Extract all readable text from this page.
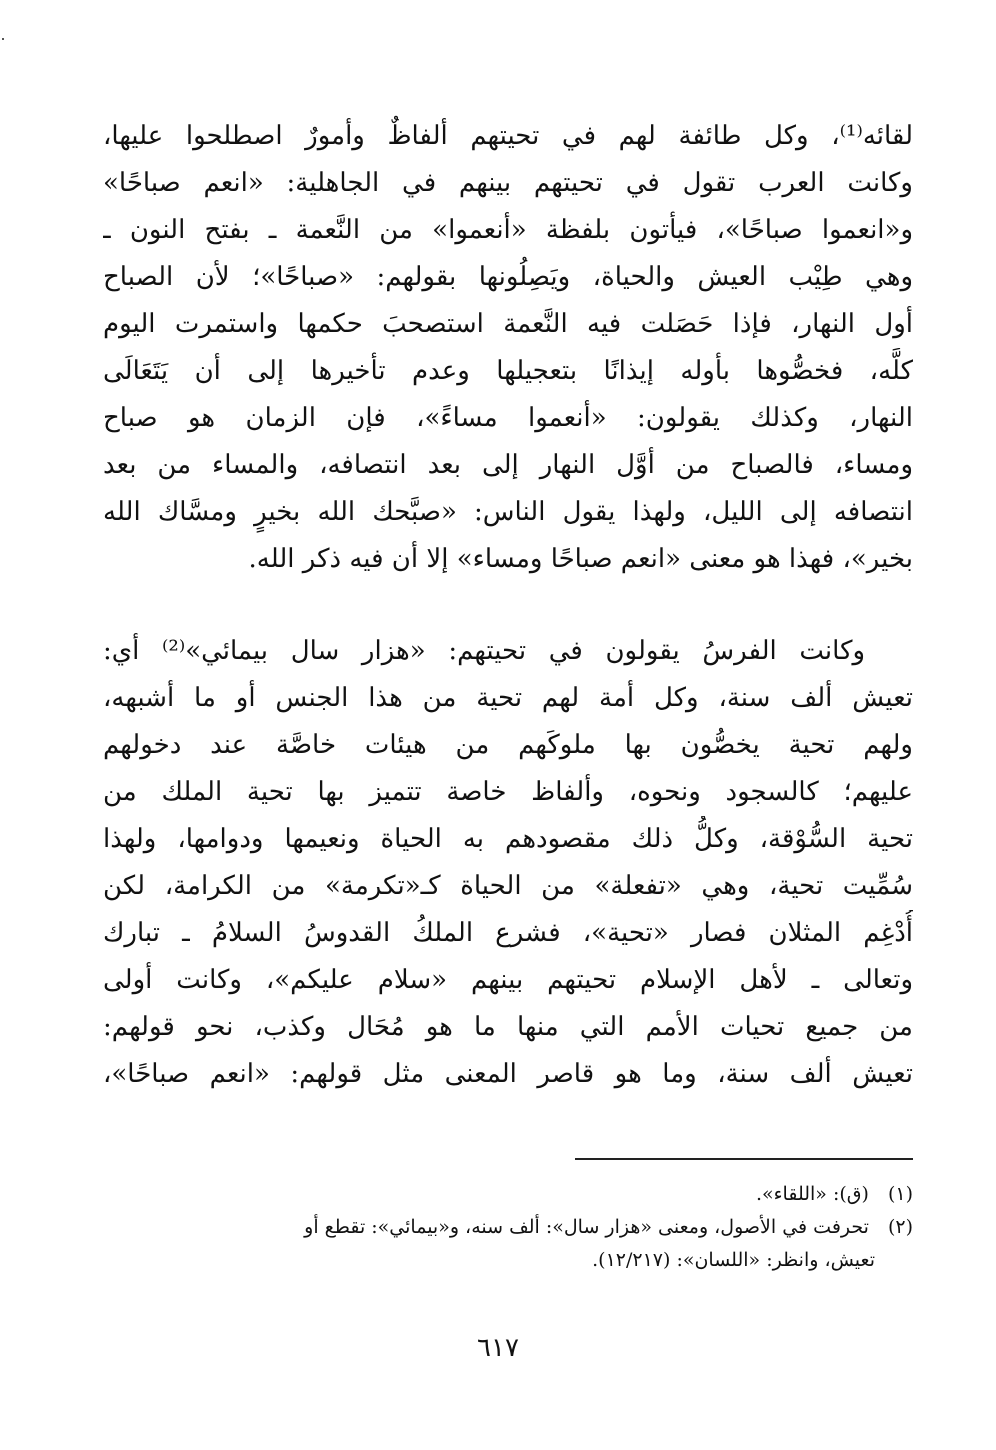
لقائه⁽¹⁾، وكل طائفة لهم في تحيتهم ألفاظٌ وأمورٌ اصطلحوا عليها،
وكانت العرب تقول في تحيتهم بينهم في الجاهلية: «انعم صباحًا»
و«انعموا صباحًا»، فيأتون بلفظة «أنعموا» من النَّعمة ـ بفتح النون ـ
وهي طِيْب العيش والحياة، ويَصِلُونها بقولهم: «صباحًا»؛ لأن الصباح
أول النهار، فإذا حَصَلت فيه النَّعمة استصحبَ حكمها واستمرت اليوم
كلَّه، فخصُّوها بأوله إيذانًا بتعجيلها وعدم تأخيرها إلى أن يَتَعَالَى
النهار، وكذلك يقولون: «أنعموا مساءً»، فإن الزمان هو صباح
ومساء، فالصباح من أوَّل النهار إلى بعد انتصافه، والمساء من بعد
انتصافه إلى الليل، ولهذا يقول الناس: «صبَّحك الله بخيرٍ ومسَّاك الله
بخير»، فهذا هو معنى «انعم صباحًا ومساء» إلا أن فيه ذكر الله.
وكانت الفرسُ يقولون في تحيتهم: «هزار سال بيمائي»⁽²⁾ أي:
تعيش ألف سنة، وكل أمة لهم تحية من هذا الجنس أو ما أشبهه،
ولهم تحية يخصُّون بها ملوكَهم من هيئات خاصَّة عند دخولهم
عليهم؛ كالسجود ونحوه، وألفاظ خاصة تتميز بها تحية الملك من
تحية السُّوْقة، وكلُّ ذلك مقصودهم به الحياة ونعيمها ودوامها، ولهذا
سُمِّيت تحية، وهي «تفعلة» من الحياة كـ«تكرمة» من الكرامة، لكن
أُدْغِم المثلان فصار «تحية»، فشرع الملكُ القدوسُ السلامُ ـ تبارك
وتعالى ـ لأهل الإسلام تحيتهم بينهم «سلام عليكم»، وكانت أولى
من جميع تحيات الأمم التي منها ما هو مُحَال وكذب، نحو قولهم:
تعيش ألف سنة، وما هو قاصر المعنى مثل قولهم: «انعم صباحًا»،
(١) (ق): «اللقاء».
(٢) تحرفت في الأصول، ومعنى «هزار سال»: ألف سنه، و«بيمائي»: تقطع أو
تعيش، وانظر: «اللسان»: (١٢/٢١٧).
٦١٧
